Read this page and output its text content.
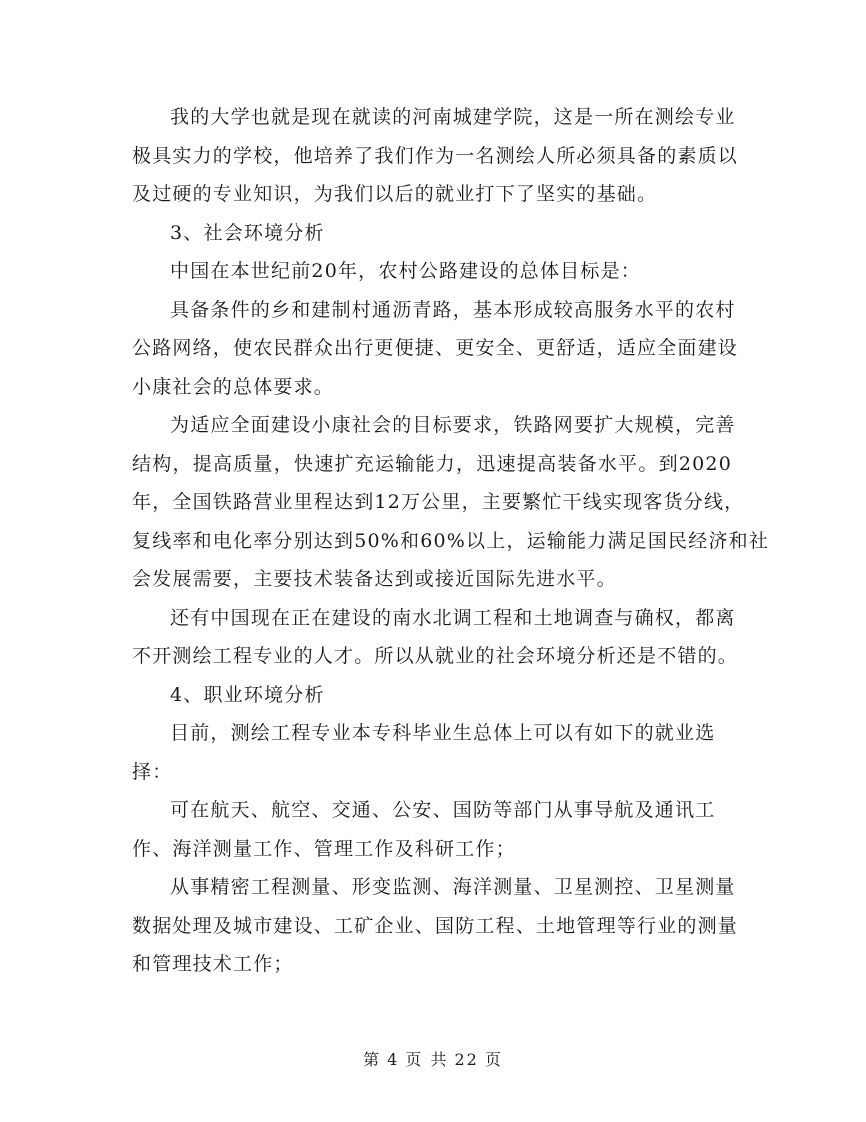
我的大学也就是现在就读的河南城建学院，这是一所在测绘专业
极具实力的学校，他培养了我们作为一名测绘人所必须具备的素质以
及过硬的专业知识，为我们以后的就业打下了坚实的基础。
3、社会环境分析
中国在本世纪前20年，农村公路建设的总体目标是：
具备条件的乡和建制村通沥青路，基本形成较高服务水平的农村
公路网络，使农民群众出行更便捷、更安全、更舒适，适应全面建设
小康社会的总体要求。
为适应全面建设小康社会的目标要求，铁路网要扩大规模，完善
结构，提高质量，快速扩充运输能力，迅速提高装备水平。到2020
年，全国铁路营业里程达到12万公里，主要繁忙干线实现客货分线，
复线率和电化率分别达到50%和60%以上，运输能力满足国民经济和社
会发展需要，主要技术装备达到或接近国际先进水平。
还有中国现在正在建设的南水北调工程和土地调查与确权，都离
不开测绘工程专业的人才。所以从就业的社会环境分析还是不错的。
4、职业环境分析
目前，测绘工程专业本专科毕业生总体上可以有如下的就业选
择：
可在航天、航空、交通、公安、国防等部门从事导航及通讯工
作、海洋测量工作、管理工作及科研工作；
从事精密工程测量、形变监测、海洋测量、卫星测控、卫星测量
数据处理及城市建设、工矿企业、国防工程、土地管理等行业的测量
和管理技术工作；
第 4 页 共 22 页
